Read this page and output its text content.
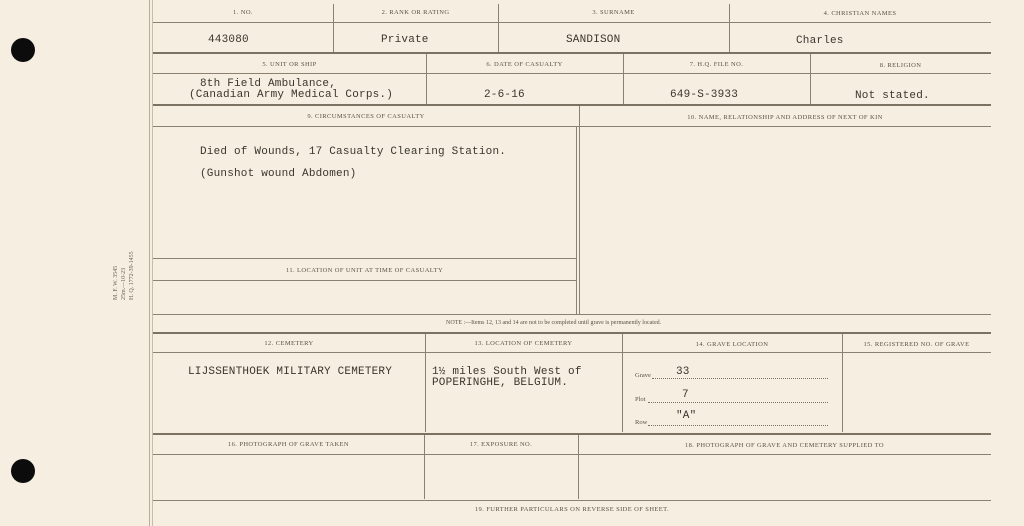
M. F. W. 3545 25m.—10-23 H. Q. 1772-39-1455
1. NO.	2. RANK OR RATING	3. SURNAME	4. CHRISTIAN NAMES
443080	Private	SANDISON	Charles
5. UNIT OR SHIP	6. DATE OF CASUALTY	7. H.Q. FILE NO.	8. RELIGION
8th Field Ambulance,
(Canadian Army Medical Corps.)	2-6-16	649-S-3933	Not stated.
9. CIRCUMSTANCES OF CASUALTY	10. NAME, RELATIONSHIP AND ADDRESS OF NEXT OF KIN
Died of Wounds, 17 Casualty Clearing Station.
(Gunshot wound Abdomen)
11. LOCATION OF UNIT AT TIME OF CASUALTY
NOTE :—Items 12, 13 and 14 are not to be completed until grave is permanently located.
12. CEMETERY	13. LOCATION OF CEMETERY	14. GRAVE LOCATION	15. REGISTERED NO. OF GRAVE
LIJSSENTHOEK MILITARY CEMETERY	1½ miles South West of
POPERINGHE, BELGIUM.
Grave 33
Plot	7
Row
"A"
16. PHOTOGRAPH OF GRAVE TAKEN	17. EXPOSURE NO.	18. PHOTOGRAPH OF GRAVE AND CEMETERY SUPPLIED TO
19. FURTHER PARTICULARS ON REVERSE SIDE OF SHEET.
